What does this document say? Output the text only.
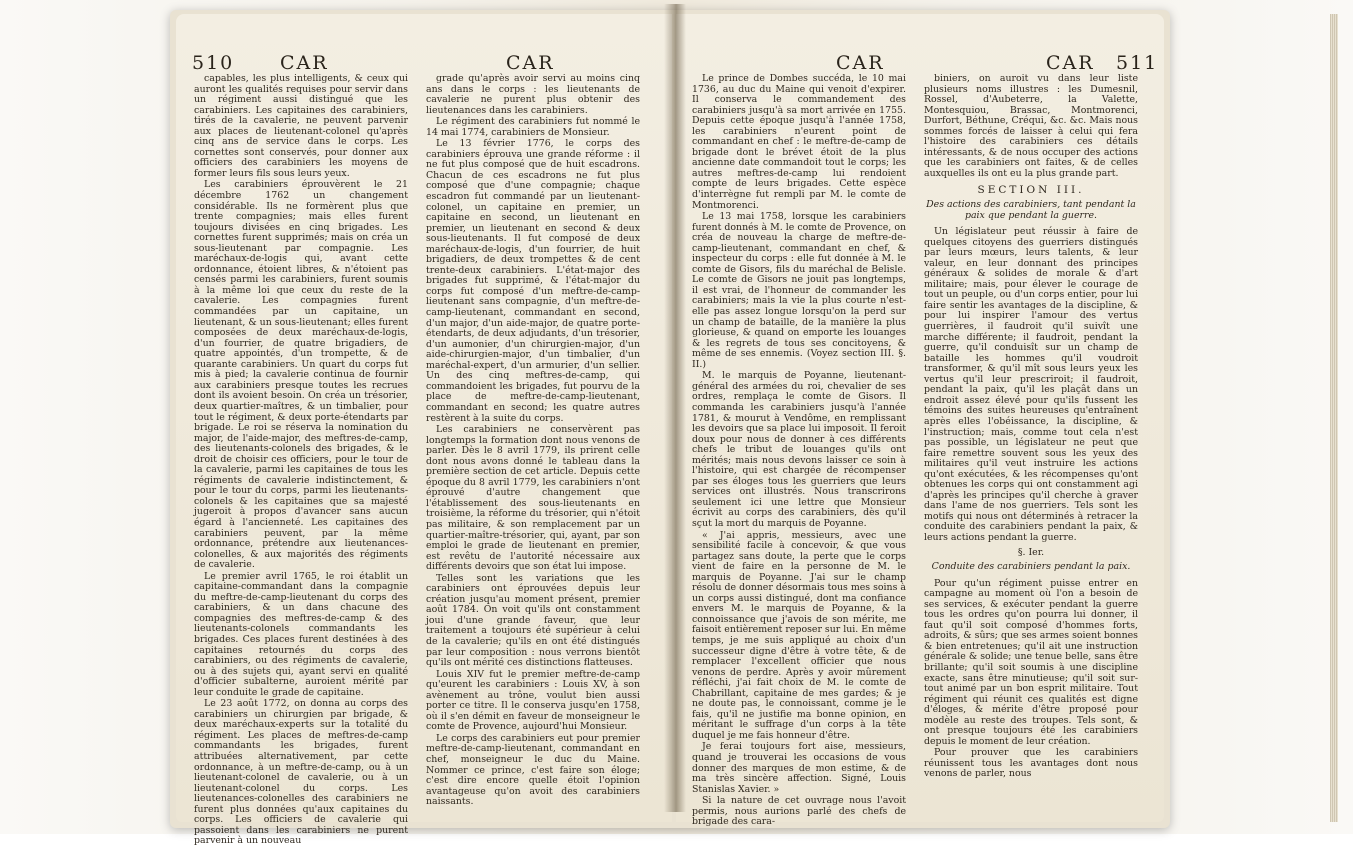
510 CAR	CAR

capables, les plus intelligents, & ceux qui auront les qualités requises pour servir dans un régiment aussi distingué que les carabiniers. Les capitaines des carabiniers, tirés de la cavalerie, ne peuvent parvenir aux places de lieutenant-colonel qu'après cinq ans de service dans le corps. Les cornettes sont conservés, pour donner aux officiers des carabiniers les moyens de former leurs fils sous leurs yeux.

Les carabiniers éprouvèrent le 21 décembre 1762 un changement considérable. Ils ne formèrent plus que trente compagnies; mais elles furent toujours divisées en cinq brigades. Les cornettes furent supprimés; mais on créa un sous-lieutenant par compagnie. Les maréchaux-de-logis qui, avant cette ordonnance, étoient libres, & n'étoient pas censés parmi les carabiniers, furent soumis à la même loi que ceux du reste de la cavalerie. Les compagnies furent commandées par un capitaine, un lieutenant, & un sous-lieutenant; elles furent composées de deux maréchaux-de-logis, d'un fourrier, de quatre brigadiers, de quatre appointés, d'un trompette, & de quarante carabiniers. Un quart du corps fut mis à pied; la cavalerie continua de fournir aux carabiniers presque toutes les recrues dont ils avoient besoin. On créa un trésorier, deux quartier-maîtres, & un timbalier, pour tout le régiment, & deux porte-étendarts par brigade. Le roi se réserva la nomination du major, de l'aide-major, des meftres-de-camp, des lieutenants-colonels des brigades, & le droit de choisir ces officiers, pour le tour de la cavalerie, parmi les capitaines de tous les régiments de cavalerie indistinctement, & pour le tour du corps, parmi les lieutenants-colonels & les capitaines que sa majesté jugeroit à propos d'avancer sans aucun égard à l'ancienneté. Les capitaines des carabiniers peuvent, par la même ordonnance, prétendre aux lieutenances-colonelles, & aux majorités des régiments de cavalerie.

Le premier avril 1765, le roi établit un capitaine-commandant dans la compagnie du meftre-de-camp-lieutenant du corps des carabiniers, & un dans chacune des compagnies des meftres-de-camp & des lieutenants-colonels commandants les brigades. Ces places furent destinées à des capitaines retournés du corps des carabiniers, ou des régiments de cavalerie, ou à des sujets qui, ayant servi en qualité d'officier subalterne, auroient mérité par leur conduite le grade de capitaine.

Le 23 août 1772, on donna au corps des carabiniers un chirurgien par brigade, & deux maréchaux-experts sur la totalité du régiment. Les places de meftres-de-camp commandants les brigades, furent attribuées alternativement, par cette ordonnance, à un meftre-de-camp, ou à un lieutenant-colonel de cavalerie, ou à un lieutenant-colonel du corps. Les lieutenances-colonelles des carabiniers ne furent plus données qu'aux capitaines du corps. Les officiers de cavalerie qui passoient dans les carabiniers ne purent parvenir à un nouveau

grade qu'après avoir servi au moins cinq ans dans le corps : les lieutenants de cavalerie ne purent plus obtenir des lieutenances dans les carabiniers.

Le régiment des carabiniers fut nommé le 14 mai 1774, carabiniers de Monsieur.

Le 13 février 1776, le corps des carabiniers éprouva une grande réforme : il ne fut plus composé que de huit escadrons. Chacun de ces escadrons ne fut plus composé que d'une compagnie; chaque escadron fut commandé par un lieutenant-colonel, un capitaine en premier, un capitaine en second, un lieutenant en premier, un lieutenant en second & deux sous-lieutenants. Il fut composé de deux maréchaux-de-logis, d'un fourrier, de huit brigadiers, de deux trompettes & de cent trente-deux carabiniers. L'état-major des brigades fut supprimé, & l'état-major du corps fut composé d'un meftre-de-camp-lieutenant sans compagnie, d'un meftre-de-camp-lieutenant, commandant en second, d'un major, d'un aide-major, de quatre porte-étendarts, de deux adjudants, d'un trésorier, d'un aumonier, d'un chirurgien-major, d'un aide-chirurgien-major, d'un timbalier, d'un maréchal-expert, d'un armurier, d'un sellier. Un des cinq meftres-de-camp, qui commandoient les brigades, fut pourvu de la place de meftre-de-camp-lieutenant, commandant en second; les quatre autres restèrent à la suite du corps.

Les carabiniers ne conservèrent pas longtemps la formation dont nous venons de parler. Dès le 8 avril 1779, ils prirent celle dont nous avons donné le tableau dans la première section de cet article. Depuis cette époque du 8 avril 1779, les carabiniers n'ont éprouvé d'autre changement que l'établissement des sous-lieutenants en troisième, la réforme du trésorier, qui n'étoit pas militaire, & son remplacement par un quartier-maître-trésorier, qui, ayant, par son emploi le grade de lieutenant en premier, est revêtu de l'autorité nécessaire aux différents devoirs que son état lui impose.

Telles sont les variations que les carabiniers ont éprouvées depuis leur création jusqu'au moment présent, premier août 1784. On voit qu'ils ont constamment joui d'une grande faveur, que leur traitement a toujours été supérieur à celui de la cavalerie; qu'ils en ont été distingués par leur composition : nous verrons bientôt qu'ils ont mérité ces distinctions flatteuses.

Louis XIV fut le premier meftre-de-camp qu'eurent les carabiniers : Louis XV, à son avènement au trône, voulut bien aussi porter ce titre. Il le conserva jusqu'en 1758, où il s'en démit en faveur de monseigneur le comte de Provence, aujourd'hui Monsieur.

Le corps des carabiniers eut pour premier meftre-de-camp-lieutenant, commandant en chef, monseigneur le duc du Maine. Nommer ce prince, c'est faire son éloge; c'est dire encore quelle étoit l'opinion avantageuse qu'on avoit des carabiniers naissants.

CAR	CAR 511

Le prince de Dombes succéda, le 10 mai 1736, au duc du Maine qui venoit d'expirer. Il conserva le commandement des carabiniers jusqu'à sa mort arrivée en 1755. Depuis cette époque jusqu'à l'année 1758, les carabiniers n'eurent point de commandant en chef : le meftre-de-camp de brigade dont le brévet étoit de la plus ancienne date commandoit tout le corps; les autres meftres-de-camp lui rendoient compte de leurs brigades. Cette espèce d'interrègne fut rempli par M. le comte de Montmorenci.

Le 13 mai 1758, lorsque les carabiniers furent donnés à M. le comte de Provence, on créa de nouveau la charge de meftre-de-camp-lieutenant, commandant en chef, & inspecteur du corps : elle fut donnée à M. le comte de Gisors, fils du maréchal de Belisle. Le comte de Gisors ne jouit pas longtemps, il est vrai, de l'honneur de commander les carabiniers; mais la vie la plus courte n'est-elle pas assez longue lorsqu'on la perd sur un champ de bataille, de la manière la plus glorieuse, & quand on emporte les louanges & les regrets de tous ses concitoyens, & même de ses ennemis. (Voyez section III. §. II.)

M. le marquis de Poyanne, lieutenant-général des armées du roi, chevalier de ses ordres, remplaça le comte de Gisors. Il commanda les carabiniers jusqu'à l'année 1781, & mourut à Vendôme, en remplissant les devoirs que sa place lui imposoit. Il feroit doux pour nous de donner à ces différents chefs le tribut de louanges qu'ils ont mérités; mais nous devons laisser ce soin à l'histoire, qui est chargée de récompenser par ses éloges tous les guerriers que leurs services ont illustrés. Nous transcrirons seulement ici une lettre que Monsieur écrivit au corps des carabiniers, dès qu'il sçut la mort du marquis de Poyanne.

« J'ai appris, messieurs, avec une sensibilité facile à concevoir, & que vous partagez sans doute, la perte que le corps vient de faire en la personne de M. le marquis de Poyanne. J'ai sur le champ résolu de donner désormais tous mes soins à un corps aussi distingué, dont ma confiance envers M. le marquis de Poyanne, & la connoissance que j'avois de son mérite, me faisoit entièrement reposer sur lui. En même temps, je me suis appliqué au choix d'un successeur digne d'être à votre tête, & de remplacer l'excellent officier que nous venons de perdre. Après y avoir mûrement réfléchi, j'ai fait choix de M. le comte de Chabrillant, capitaine de mes gardes; & je ne doute pas, le connoissant, comme je le fais, qu'il ne justifie ma bonne opinion, en méritant le suffrage d'un corps à la tête duquel je me fais honneur d'être.

Je ferai toujours fort aise, messieurs, quand je trouverai les occasions de vous donner des marques de mon estime, & de ma très sincère affection. Signé, Louis Stanislas Xavier. »

Si la nature de cet ouvrage nous l'avoit permis, nous aurions parlé des chefs de brigade des cara-

biniers, on auroit vu dans leur liste plusieurs noms illustres : les Dumesnil, Rossel, d'Aubeterre, la Valette, Montesquiou, Brassac, Montmorenci, Durfort, Béthune, Créqui, &c. &c. Mais nous sommes forcés de laisser à celui qui fera l'histoire des carabiniers ces détails intéressants, & de nous occuper des actions que les carabiniers ont faites, & de celles auxquelles ils ont eu la plus grande part.

SECTION III.

Des actions des carabiniers, tant pendant la paix que pendant la guerre.

Un législateur peut réussir à faire de quelques citoyens des guerriers distingués par leurs mœurs, leurs talents, & leur valeur, en leur donnant des principes généraux & solides de morale & d'art militaire; mais, pour élever le courage de tout un peuple, ou d'un corps entier, pour lui faire sentir les avantages de la discipline, & pour lui inspirer l'amour des vertus guerrières, il faudroit qu'il suivît une marche différente; il faudroit, pendant la guerre, qu'il conduisît sur un champ de bataille les hommes qu'il voudroit transformer, & qu'il mît sous leurs yeux les vertus qu'il leur prescriroit; il faudroit, pendant la paix, qu'il les plaçât dans un endroit assez élevé pour qu'ils fussent les témoins des suites heureuses qu'entraînent après elles l'obéissance, la discipline, & l'instruction; mais, comme tout cela n'est pas possible, un législateur ne peut que faire remettre souvent sous les yeux des militaires qu'il veut instruire les actions qu'ont exécutées, & les récompenses qu'ont obtenues les corps qui ont constamment agi d'après les principes qu'il cherche à graver dans l'ame de nos guerriers. Tels sont les motifs qui nous ont déterminés à retracer la conduite des carabiniers pendant la paix, & leurs actions pendant la guerre.

§. Ier.

Conduite des carabiniers pendant la paix.

Pour qu'un régiment puisse entrer en campagne au moment où l'on a besoin de ses services, & exécuter pendant la guerre tous les ordres qu'on pourra lui donner, il faut qu'il soit composé d'hommes forts, adroits, & sûrs; que ses armes soient bonnes & bien entretenues; qu'il ait une instruction générale & solide; une tenue belle, sans être brillante; qu'il soit soumis à une discipline exacte, sans être minutieuse; qu'il soit sur-tout animé par un bon esprit militaire. Tout régiment qui réunit ces qualités est digne d'éloges, & mérite d'être proposé pour modèle au reste des troupes. Tels sont, & ont presque toujours été les carabiniers depuis le moment de leur création.

Pour prouver que les carabiniers réunissent tous les avantages dont nous venons de parler, nous
